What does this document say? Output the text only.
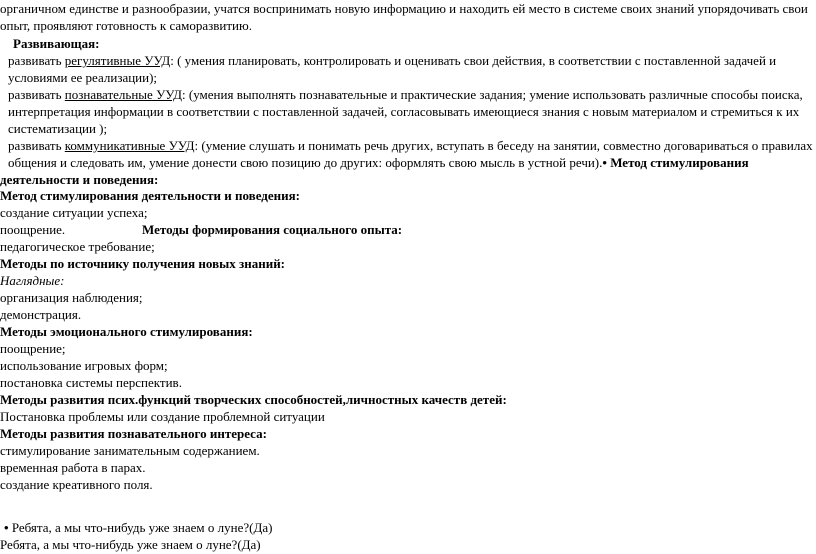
органичном единстве и разнообразии, учатся воспринимать новую информацию и находить ей место в системе своих знаний упорядочивать свои
опыт, проявляют готовность к саморазвитию.
Развивающая:
развивать регулятивные УУД: ( умения планировать, контролировать и оценивать свои действия, в соответствии с поставленной задачей и
условиями ее реализации);
развивать познавательные УУД: (умения выполнять познавательные и практические задания; умение использовать различные способы поиска,
интерпретация информации в соответствии с поставленной задачей, согласовывать имеющиеся знания с новым материалом и стремиться к их
систематизации );
развивать коммуникативные УУД: (умение слушать и понимать речь других, вступать в беседу на занятии, совместно договариваться о правилах
общения и следовать им, умение донести свою позицию до других: оформлять свою мысль в устной речи).• Метод стимулирования
деятельности и поведения:
Метод стимулирования деятельности и поведения:
создание ситуации успеха;
поощрение.	Методы формирования социального опыта:
педагогическое требование;
Методы по источнику получения новых знаний:
Наглядные:
организация наблюдения;
демонстрация.
Методы эмоционального стимулирования:
поощрение;
использование игровых форм;
постановка системы перспектив.
Методы развития псих.функций творческих способностей,личностных качеств детей:
Постановка проблемы или создание проблемной ситуации
Методы развития познавательного интереса:
стимулирование занимательным содержанием.
временная работа в парах.
создание креативного поля.
• Ребята, а мы что-нибудь уже знаем о луне?(Да)
Ребята, а мы что-нибудь уже знаем о луне?(Да)
